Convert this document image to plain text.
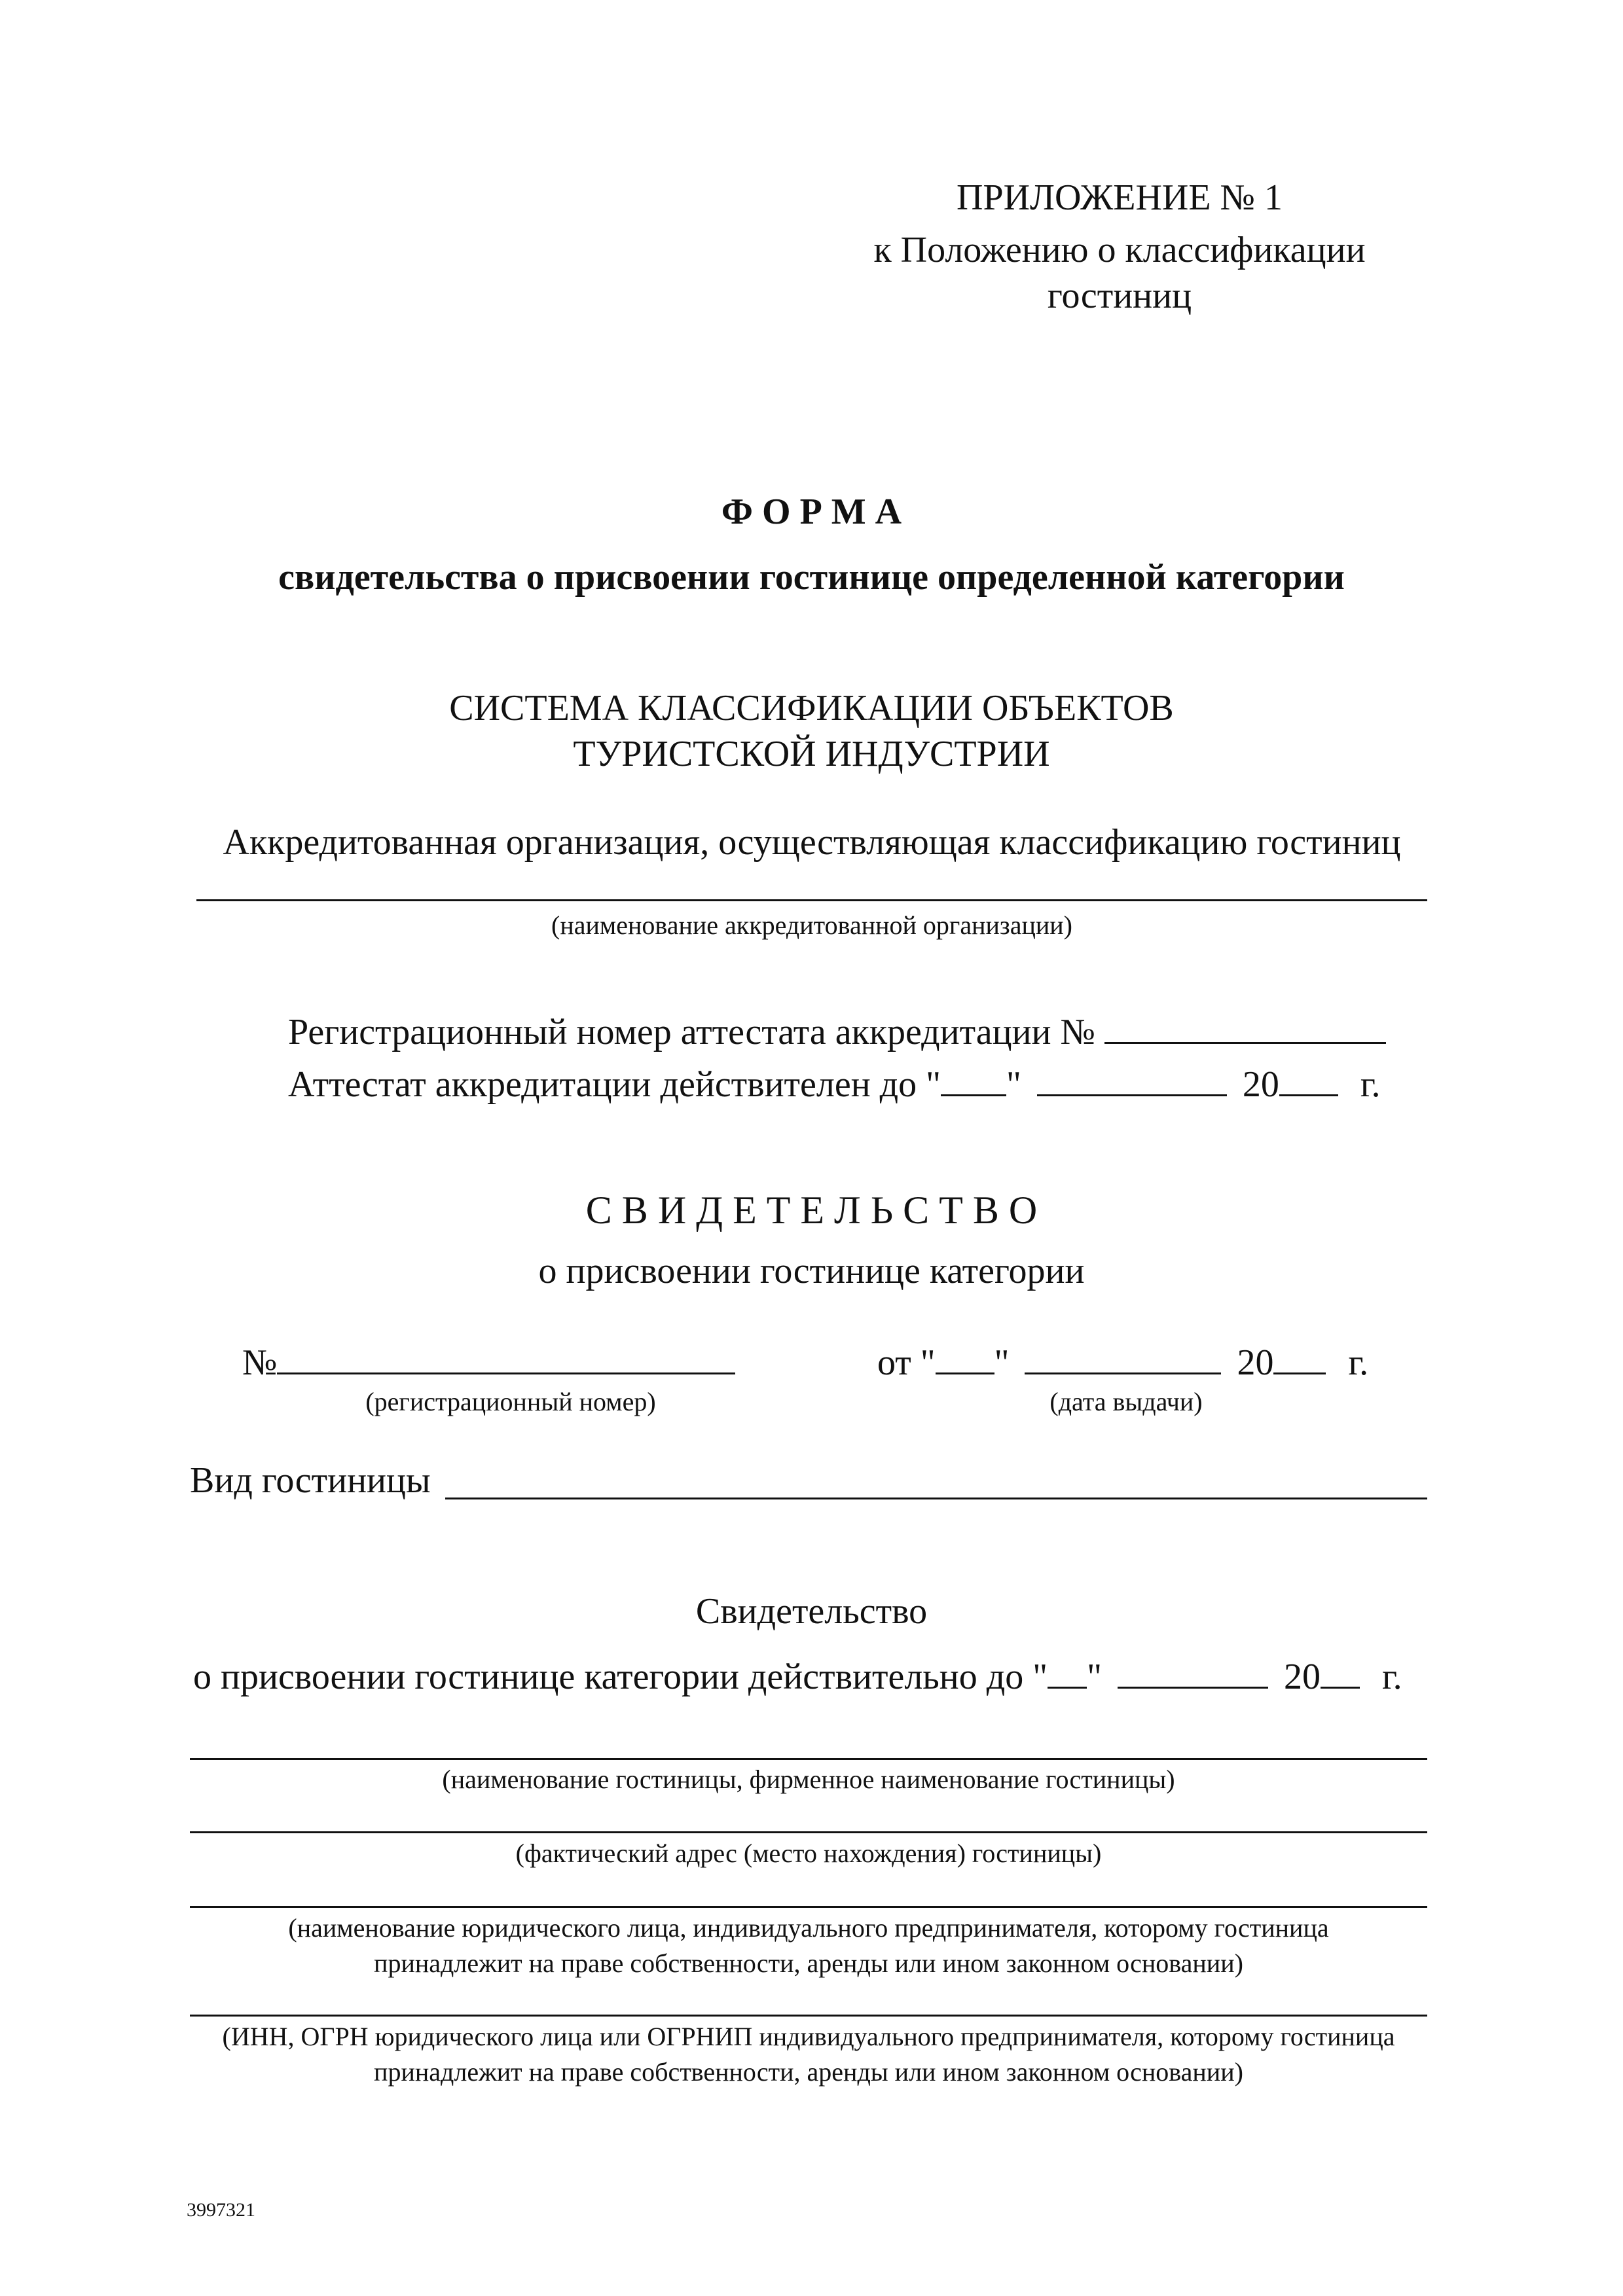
ПРИЛОЖЕНИЕ № 1
к Положению о классификации
гостиниц
Ф О Р М А
свидетельства о присвоении гостинице определенной категории
СИСТЕМА КЛАССИФИКАЦИИ ОБЪЕКТОВ
ТУРИСТСКОЙ ИНДУСТРИИ
Аккредитованная организация, осуществляющая классификацию гостиниц
(наименование аккредитованной организации)
Регистрационный номер аттестата аккредитации №
Аттестат аккредитации действителен до " "	20 г.
С В И Д Е Т Е Л Ь С Т В О
о присвоении гостинице категории
№
(регистрационный номер)
от " "	20 г.
(дата выдачи)
Вид гостиницы
Свидетельство
о присвоении гостинице категории действительно до " "	20 г.
(наименование гостиницы, фирменное наименование гостиницы)
(фактический адрес (место нахождения) гостиницы)
(наименование юридического лица, индивидуального предпринимателя, которому гостиница
принадлежит на праве собственности, аренды или ином законном основании)
(ИНН, ОГРН юридического лица или ОГРНИП индивидуального предпринимателя, которому гостиница
принадлежит на праве собственности, аренды или ином законном основании)
3997321
